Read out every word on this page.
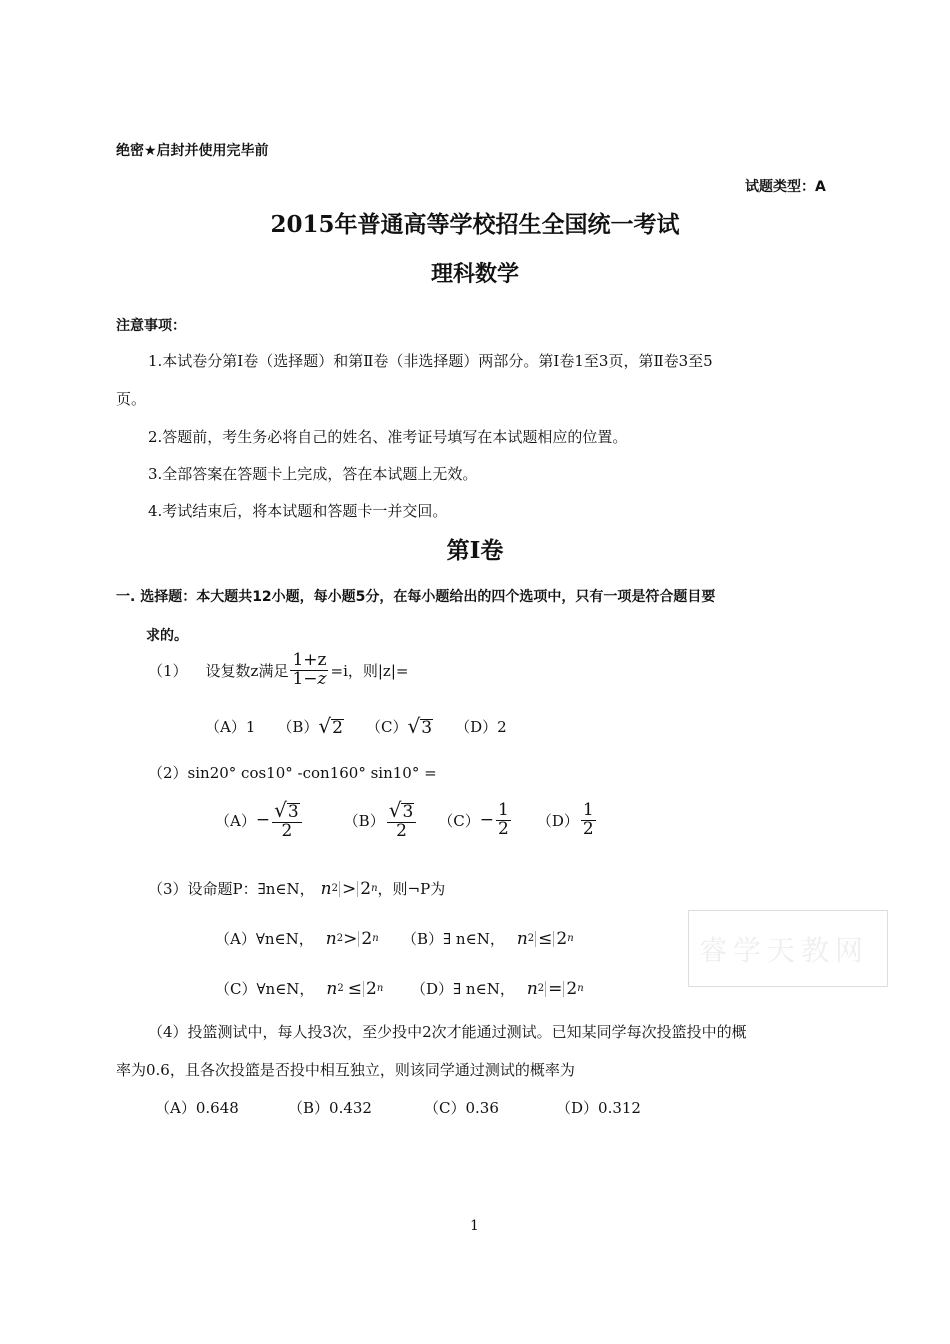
绝密★启封并使用完毕前
试题类型：A
2015年普通高等学校招生全国统一考试
理科数学
注意事项：
1.本试卷分第Ⅰ卷（选择题）和第Ⅱ卷（非选择题）两部分。第Ⅰ卷1至3页，第Ⅱ卷3至5
页。
2.答题前，考生务必将自己的姓名、准考证号填写在本试题相应的位置。
3.全部答案在答题卡上完成，答在本试题上无效。
4.考试结束后，将本试题和答题卡一并交回。
第Ⅰ卷
一. 选择题：本大题共12小题，每小题5分，在每小题给出的四个选项中，只有一项是符合题目要
求的。
（1） 设复数z满足 $\frac{1+z}{1-z} =i$，则|z|=
（A）1 （B） √ 2 （C） √ 3 （D）2
（2）sin20° cos10° -con160° sin10° =
$(A) - \frac{√ 3}{2}$	$(B) \frac{√ 3}{2} (C) - \frac{1}{2} (D) \frac{1}{2}$
（3）设命题P：∃n∈N， n 2 > 2 n ，则¬P为
（A）∀n∈N， n 2 > 2 n （B）∃ n∈N， n 2 ≤ 2 n
（C）∀n∈N， n 2 ≤ 2 n （D）∃ n∈N， n 2 = 2 n
睿学天教网
（4）投篮测试中，每人投3次，至少投中2次才能通过测试。已知某同学每次投篮投中的概
率为0.6，且各次投篮是否投中相互独立，则该同学通过测试的概率为
（A）0.648	（B）0.432	（C）0.36	（D）0.312
1
